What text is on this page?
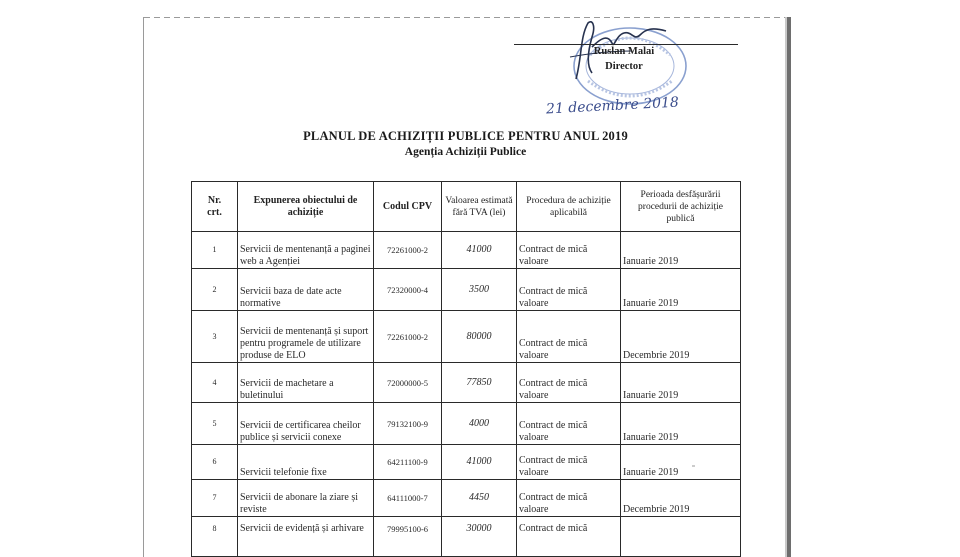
Ruslan Malai
Director
21 decembre 2018
PLANUL DE ACHIZIȚII PUBLICE PENTRU ANUL 2019
Agenția Achiziții Publice
Nr.
crt.	Expunerea obiectului de achiziție	Codul CPV	Valoarea estimată fără TVA (lei)	Procedura de achiziție aplicabilă	Perioada desfășurării procedurii de achiziție publică
1	Servicii de mentenanță a paginei web a Agenției	72261000-2	41000	Contract de mică valoare	Ianuarie 2019
2	Servicii baza de date acte normative	72320000-4	3500	Contract de mică valoare	Ianuarie 2019
3	Servicii de mentenanță și suport pentru programele de utilizare produse de ELO	72261000-2	80000	Contract de mică valoare	Decembrie 2019
4	Servicii de machetare a buletinului	72000000-5	77850	Contract de mică valoare	Ianuarie 2019
5	Servicii de certificarea cheilor publice și servicii conexe	79132100-9	4000	Contract de mică valoare	Ianuarie 2019
6	Servicii telefonie fixe	64211100-9	41000	Contract de mică valoare	Ianuarie 2019
7	Servicii de abonare la ziare și reviste	64111000-7	4450	Contract de mică valoare	Decembrie 2019
8	Servicii de evidență și arhivare	79995100-6	30000	Contract de mică	
